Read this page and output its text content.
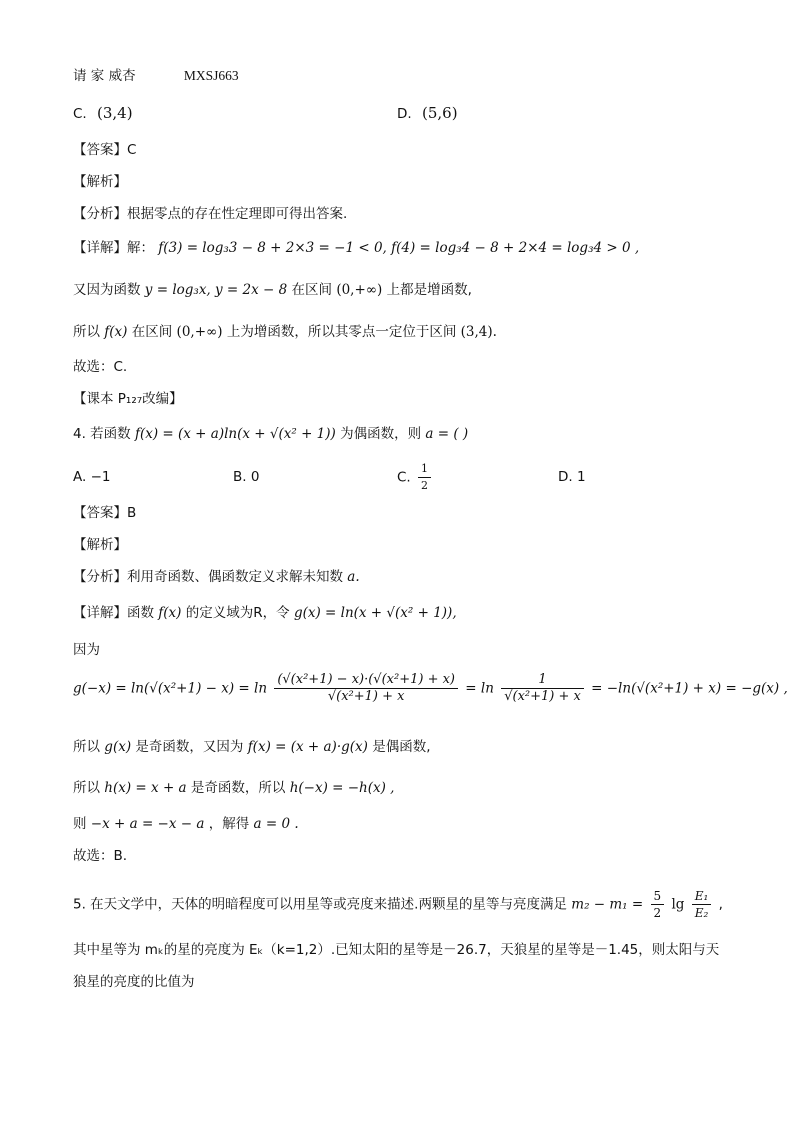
请 家 威杏	MXSJ663
C. (3,4)	D. (5,6)
【答案】C
【解析】
【分析】根据零点的存在性定理即可得出答案.
【详解】解： f(3) = log₃3 − 8 + 2×3 = −1 < 0, f(4) = log₃4 − 8 + 2×4 = log₃4 > 0 ,
又因为函数 y = log₃x, y = 2x − 8 在区间 (0,+∞) 上都是增函数,
所以 f(x) 在区间 (0,+∞) 上为增函数，所以其零点一定位于区间 (3,4).
故选：C.
【课本 P₁₂₇改编】
4. 若函数 f(x) = (x + a)ln(x + √(x² + 1)) 为偶函数，则 a = ( )
A. −1	B. 0	C. $\frac{1}{2}$	D. 1
【答案】B
【解析】
【分析】利用奇函数、偶函数定义求解未知数 a.
【详解】函数 f(x) 的定义域为R，令 g(x) = ln(x + √(x² + 1)),
因为
$g(-x) = \ln(√(x^2+1) - x) = \ln \frac{\text{(√(x²+1) − x)·(√(x²+1) + x)}}{\text{√(x²+1) + x}} = \ln \frac{1}{\text{√(x²+1) + x}} = -\ln(√(x^2+1) + x) = -g(x)$ ,
所以 g(x) 是奇函数，又因为 f(x) = (x + a)·g(x) 是偶函数,
所以 h(x) = x + a 是奇函数，所以 h(−x) = −h(x) ,
则 −x + a = −x − a ，解得 a = 0 .
故选：B.
5. 在天文学中，天体的明暗程度可以用星等或亮度来描述.两颗星的星等与亮度满足 $m_2 - m_1 = \frac{5}{2}$ $\lg \frac{\text{E₁}}{\text{E₂}}$ ,
其中星等为 mₖ的星的亮度为 Eₖ（k=1,2）.已知太阳的星等是－26.7，天狼星的星等是－1.45，则太阳与天
狼星的亮度的比值为
